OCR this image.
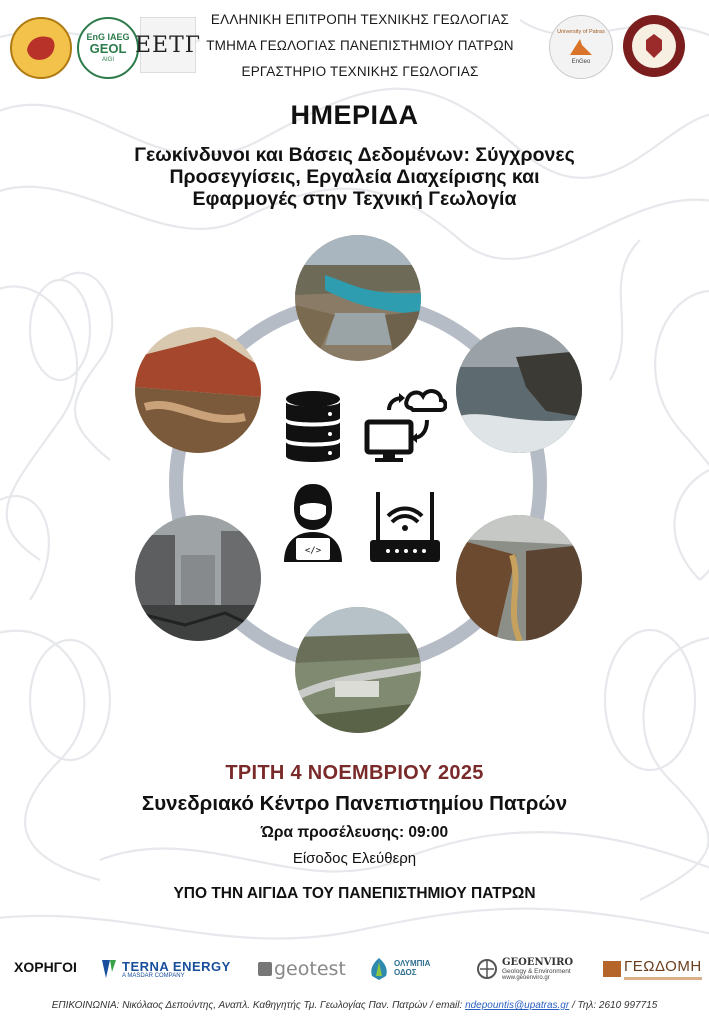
EnG IAEG
GEOL
AIGI
ΕΕΤΓ
University of Patras
EnGeo
ΕΛΛΗΝΙΚΗ ΕΠΙΤΡΟΠΗ ΤΕΧΝΙΚΗΣ ΓΕΩΛΟΓΙΑΣ
ΤΜΗΜΑ ΓΕΩΛΟΓΙΑΣ ΠΑΝΕΠΙΣΤΗΜΙΟΥ ΠΑΤΡΩΝ
ΕΡΓΑΣΤΗΡΙΟ ΤΕΧΝΙΚΗΣ ΓΕΩΛΟΓΙΑΣ
ΗΜΕΡΙΔΑ
Γεωκίνδυνοι και Βάσεις Δεδομένων: Σύγχρονες
Προσεγγίσεις, Εργαλεία Διαχείρισης και
Εφαρμογές στην Τεχνική Γεωλογία
</>
ΤΡΙΤΗ 4 ΝΟΕΜΒΡΙΟΥ 2025
Συνεδριακό Κέντρο Πανεπιστημίου Πατρών
Ώρα προσέλευσης: 09:00
Είσοδος Ελεύθερη
ΥΠΟ ΤΗΝ ΑΙΓΙΔΑ ΤΟΥ ΠΑΝΕΠΙΣΤΗΜΙΟΥ ΠΑΤΡΩΝ
ΧΟΡΗΓΟΙ	TERNA ENERGY
A MASDAR COMPANY	geotest	ΟΛΥΜΠΙΑ
ΟΔΟΣ
GEOENVIRO
Geology & Environment
www.geoenviro.gr
ΓΕΩΔΟΜΗ
ΕΠΙΚΟΙΝΩΝΙΑ: Νικόλαος Δεπούντης, Αναπλ. Καθηγητής Τμ. Γεωλογίας Παν. Πατρών / email: ndepountis@upatras.gr / Τηλ: 2610 997715
